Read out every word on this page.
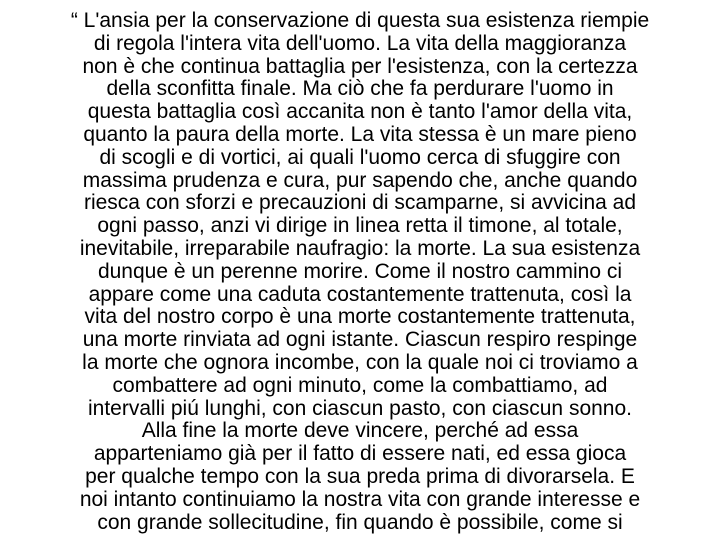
“ L'ansia per la conservazione di questa sua esistenza riempie
di regola l'intera vita dell'uomo. La vita della maggioranza
non è che continua battaglia per l'esistenza, con la certezza
della sconfitta finale. Ma ciò che fa perdurare l'uomo in
questa battaglia così accanita non è tanto l'amor della vita,
quanto la paura della morte. La vita stessa è un mare pieno
di scogli e di vortici, ai quali l'uomo cerca di sfuggire con
massima prudenza e cura, pur sapendo che, anche quando
riesca con sforzi e precauzioni di scamparne, si avvicina ad
ogni passo, anzi vi dirige in linea retta il timone, al totale,
inevitabile, irreparabile naufragio: la morte. La sua esistenza
dunque è un perenne morire. Come il nostro cammino ci
appare come una caduta costantemente trattenuta, così la
vita del nostro corpo è una morte costantemente trattenuta,
una morte rinviata ad ogni istante. Ciascun respiro respinge
la morte che ognora incombe, con la quale noi ci troviamo a
combattere ad ogni minuto, come la combattiamo, ad
intervalli piú lunghi, con ciascun pasto, con ciascun sonno.
Alla fine la morte deve vincere, perché ad essa
apparteniamo già per il fatto di essere nati, ed essa gioca
per qualche tempo con la sua preda prima di divorarsela. E
noi intanto continuiamo la nostra vita con grande interesse e
con grande sollecitudine, fin quando è possibile, come si
